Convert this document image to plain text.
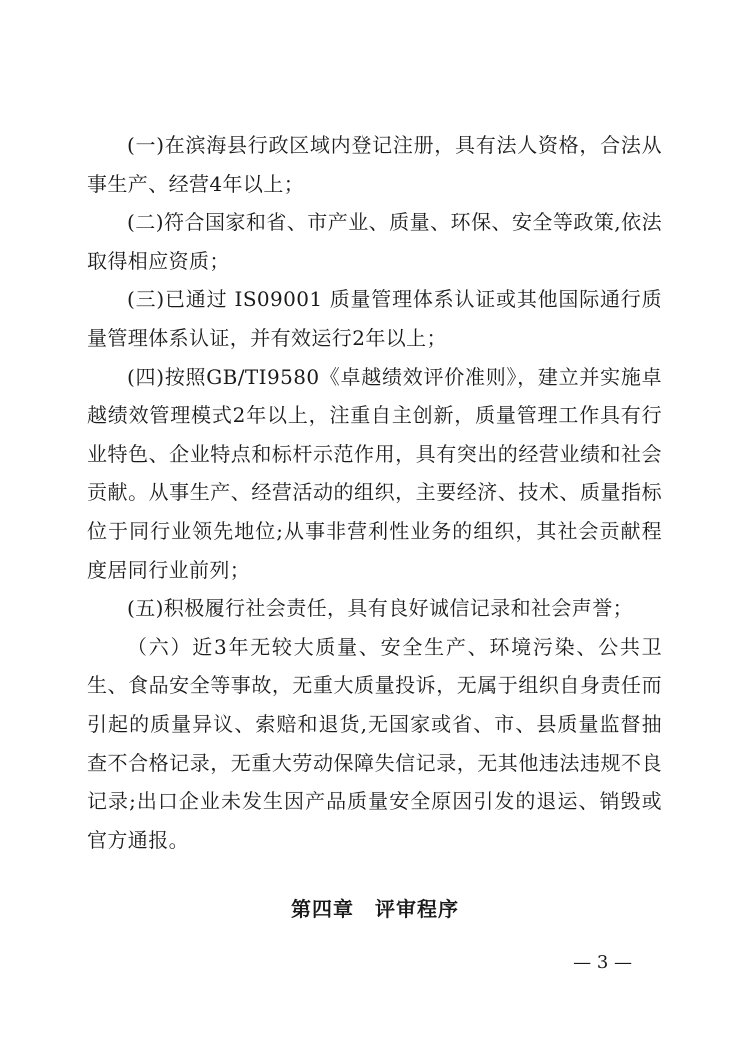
(一)在滨海县行政区域内登记注册，具有法人资格，合法从事生产、经营4年以上；

(二)符合国家和省、市产业、质量、环保、安全等政策,依法取得相应资质；

(三)已通过 IS09001 质量管理体系认证或其他国际通行质量管理体系认证，并有效运行2年以上；

(四)按照GB/TI9580《卓越绩效评价准则》，建立并实施卓越绩效管理模式2年以上，注重自主创新，质量管理工作具有行业特色、企业特点和标杆示范作用，具有突出的经营业绩和社会贡献。从事生产、经营活动的组织，主要经济、技术、质量指标位于同行业领先地位;从事非营利性业务的组织，其社会贡献程度居同行业前列；

(五)积极履行社会责任，具有良好诚信记录和社会声誉；

（六）近3年无较大质量、安全生产、环境污染、公共卫生、食品安全等事故，无重大质量投诉，无属于组织自身责任而引起的质量异议、索赔和退货,无国家或省、市、县质量监督抽查不合格记录，无重大劳动保障失信记录，无其他违法违规不良记录;出口企业未发生因产品质量安全原因引发的退运、销毁或官方通报。

第四章　评审程序
— 3 —
